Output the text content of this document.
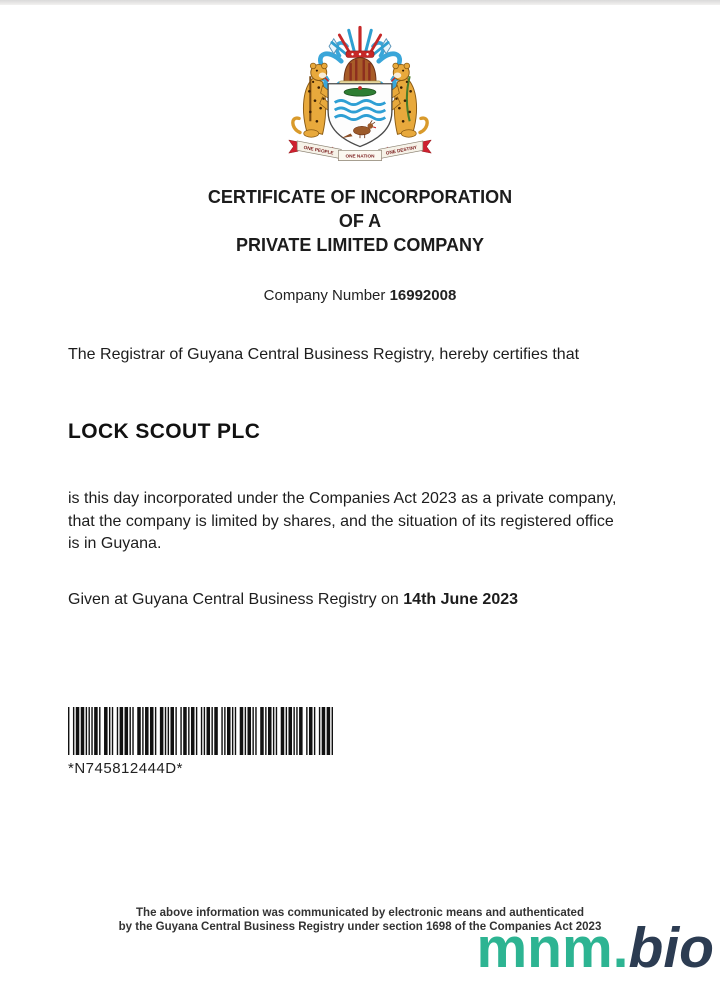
ONE PEOPLE
ONE NATION
ONE DESTINY
CERTIFICATE OF INCORPORATION
OF A
PRIVATE LIMITED COMPANY
Company Number 16992008
The Registrar of Guyana Central Business Registry, hereby certifies that
LOCK SCOUT PLC
is this day incorporated under the Companies Act 2023 as a private company, that the company is limited by shares, and the situation of its registered office is in Guyana.
Given at Guyana Central Business Registry on 14th June 2023
*N745812444D*
The above information was communicated by electronic means and authenticated
by the Guyana Central Business Registry under section 1698 of the Companies Act 2023
mnm.bio
